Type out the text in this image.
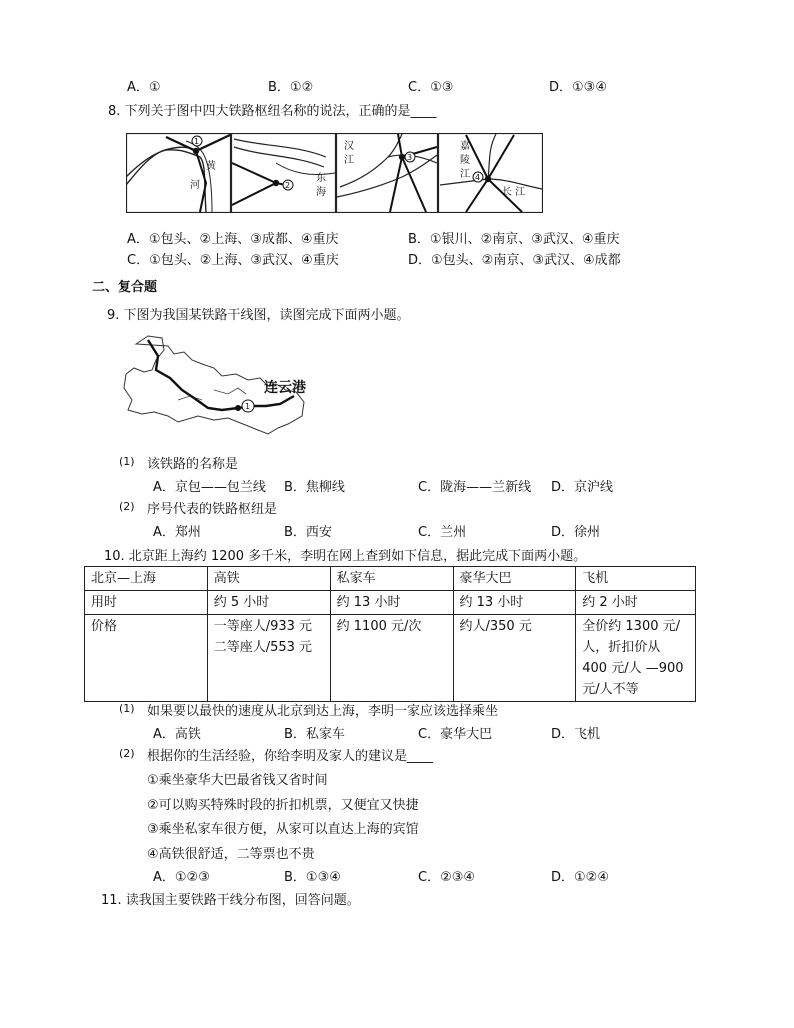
A．①	B．①②	C．①③	D．①③④
8. 下列关于图中四大铁路枢纽名称的说法，正确的是____
1
黄
河	2
东
海
3
汉
江
4
嘉
陵
江
长 江
A．①包头、②上海、③成都、④重庆	B．①银川、②南京、③武汉、④重庆
C．①包头、②上海、③武汉、④重庆	D．①包头、②南京、③武汉、④成都
二、复合题
9. 下图为我国某铁路干线图，读图完成下面两小题。
1
连云港
(1) 该铁路的名称是
A．京包——包兰线 B．焦柳线	C．陇海——兰新线 D．京沪线
(2) 序号代表的铁路枢纽是
A．郑州	B．西安	C．兰州	D．徐州
10. 北京距上海约 1200 多千米，李明在网上查到如下信息，据此完成下面两小题。
北京—上海	高铁	私家车	豪华大巴	飞机
用时	约 5 小时	约 13 小时	约 13 小时	约 2 小时
价格	一等座人/933 元
二等座人/553 元	约 1100 元/次	约人/350 元	全价约 1300 元/人，折扣价从 400 元/人 —900 元/人不等
(1) 如果要以最快的速度从北京到达上海，李明一家应该选择乘坐
A．高铁	B．私家车	C．豪华大巴	D．飞机
(2) 根据你的生活经验，你给李明及家人的建议是____
①乘坐豪华大巴最省钱又省时间
②可以购买特殊时段的折扣机票，又便宜又快捷
③乘坐私家车很方便，从家可以直达上海的宾馆
④高铁很舒适，二等票也不贵
A．①②③	B．①③④	C．②③④	D．①②④
11. 读我国主要铁路干线分布图，回答问题。
